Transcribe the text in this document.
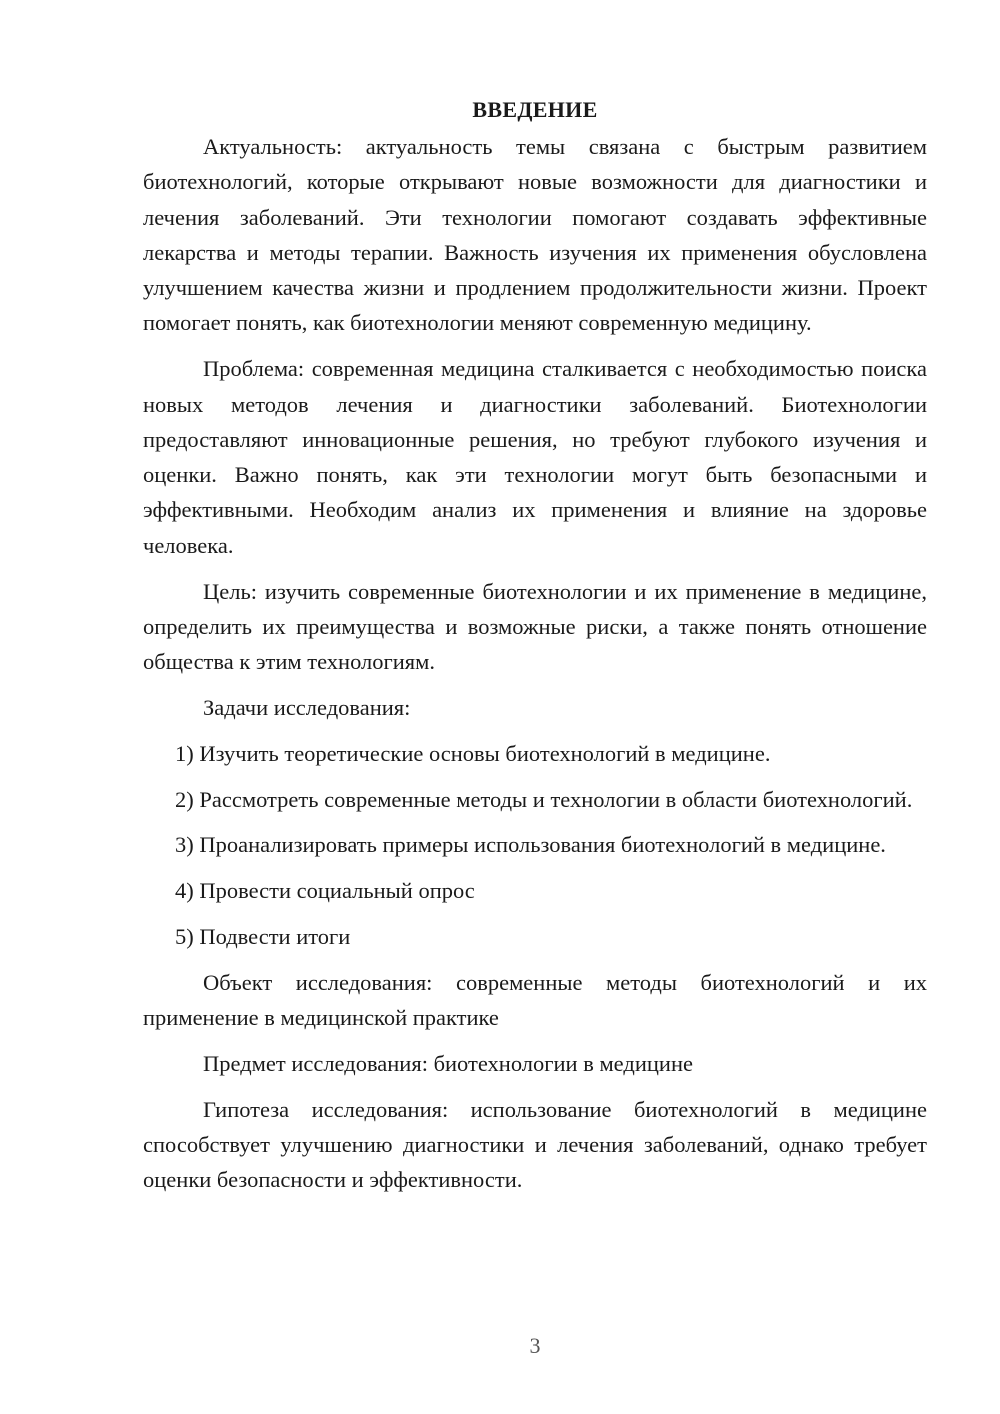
ВВЕДЕНИЕ

Актуальность: актуальность темы связана с быстрым развитием биотехнологий, которые открывают новые возможности для диагностики и лечения заболеваний. Эти технологии помогают создавать эффективные лекарства и методы терапии. Важность изучения их применения обусловлена улучшением качества жизни и продлением продолжительности жизни. Проект помогает понять, как биотехнологии меняют современную медицину.

Проблема: современная медицина сталкивается с необходимостью поиска новых методов лечения и диагностики заболеваний. Биотехнологии предоставляют инновационные решения, но требуют глубокого изучения и оценки. Важно понять, как эти технологии могут быть безопасными и эффективными. Необходим анализ их применения и влияние на здоровье человека.

Цель: изучить современные биотехнологии и их применение в медицине, определить их преимущества и возможные риски, а также понять отношение общества к этим технологиям.

Задачи исследования:

1) Изучить теоретические основы биотехнологий в медицине.

2) Рассмотреть современные методы и технологии в области биотехнологий.

3) Проанализировать примеры использования биотехнологий в медицине.

4) Провести социальный опрос

5) Подвести итоги

Объект исследования: современные методы биотехнологий и их применение в медицинской практике

Предмет исследования: биотехнологии в медицине

Гипотеза исследования: использование биотехнологий в медицине способствует улучшению диагностики и лечения заболеваний, однако требует оценки безопасности и эффективности.

3
